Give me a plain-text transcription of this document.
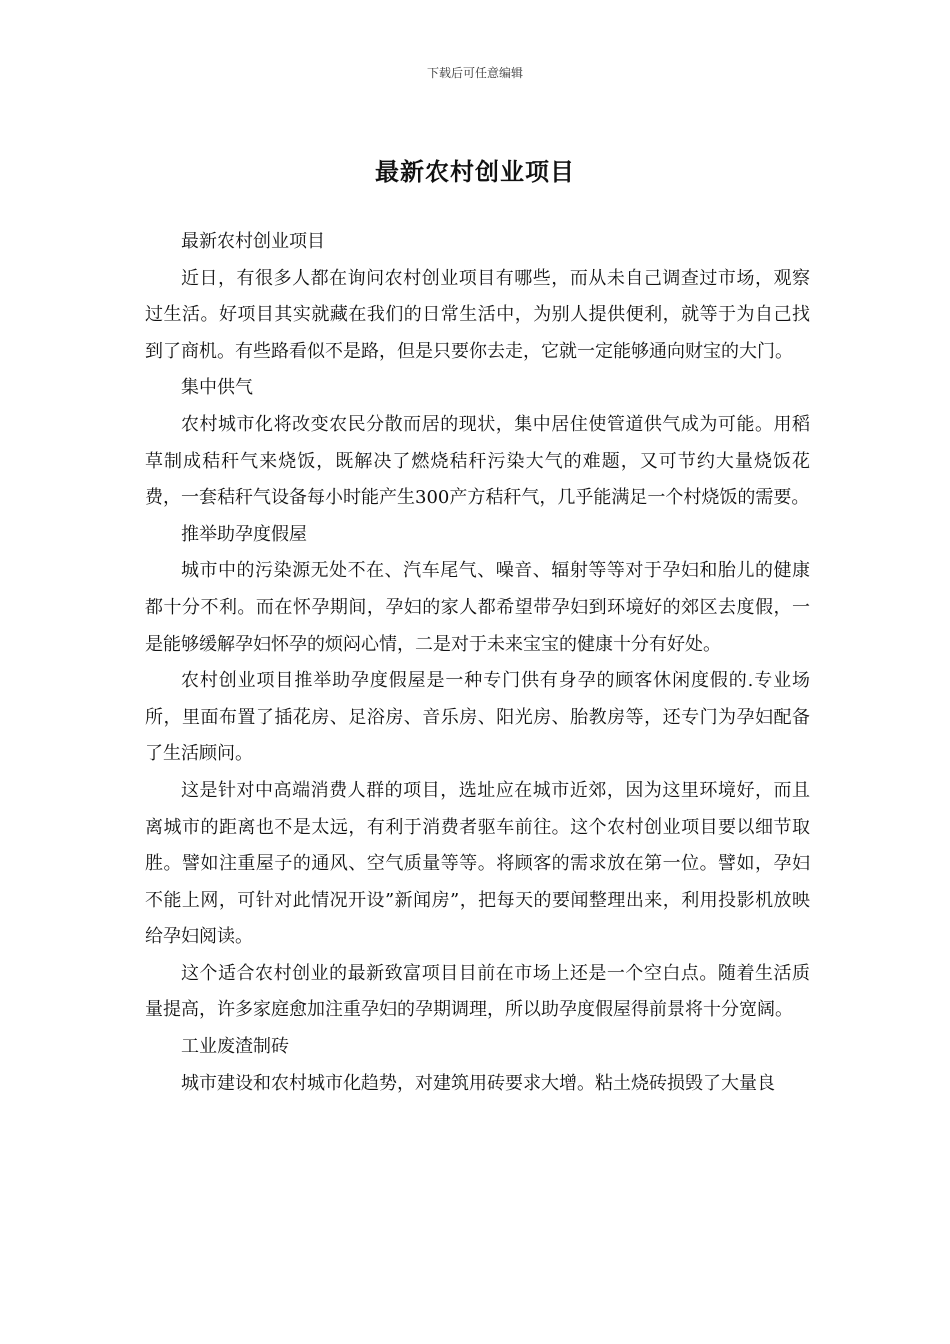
下载后可任意编辑
最新农村创业项目

最新农村创业项目

近日，有很多人都在询问农村创业项目有哪些，而从未自己调查过市场，观察过生活。好项目其实就藏在我们的日常生活中，为别人提供便利，就等于为自己找到了商机。有些路看似不是路，但是只要你去走，它就一定能够通向财宝的大门。

集中供气

农村城市化将改变农民分散而居的现状，集中居住使管道供气成为可能。用稻草制成秸秆气来烧饭，既解决了燃烧秸秆污染大气的难题，又可节约大量烧饭花费，一套秸秆气设备每小时能产生300产方秸秆气，几乎能满足一个村烧饭的需要。

推举助孕度假屋

城市中的污染源无处不在、汽车尾气、噪音、辐射等等对于孕妇和胎儿的健康都十分不利。而在怀孕期间，孕妇的家人都希望带孕妇到环境好的郊区去度假，一是能够缓解孕妇怀孕的烦闷心情，二是对于未来宝宝的健康十分有好处。

农村创业项目推举助孕度假屋是一种专门供有身孕的顾客休闲度假的.专业场所，里面布置了插花房、足浴房、音乐房、阳光房、胎教房等，还专门为孕妇配备了生活顾问。

这是针对中高端消费人群的项目，选址应在城市近郊，因为这里环境好，而且离城市的距离也不是太远，有利于消费者驱车前往。这个农村创业项目要以细节取胜。譬如注重屋子的通风、空气质量等等。将顾客的需求放在第一位。譬如，孕妇不能上网，可针对此情况开设”新闻房”，把每天的要闻整理出来，利用投影机放映给孕妇阅读。

这个适合农村创业的最新致富项目目前在市场上还是一个空白点。随着生活质量提高，许多家庭愈加注重孕妇的孕期调理，所以助孕度假屋得前景将十分宽阔。

工业废渣制砖

城市建设和农村城市化趋势，对建筑用砖要求大增。粘土烧砖损毁了大量良
